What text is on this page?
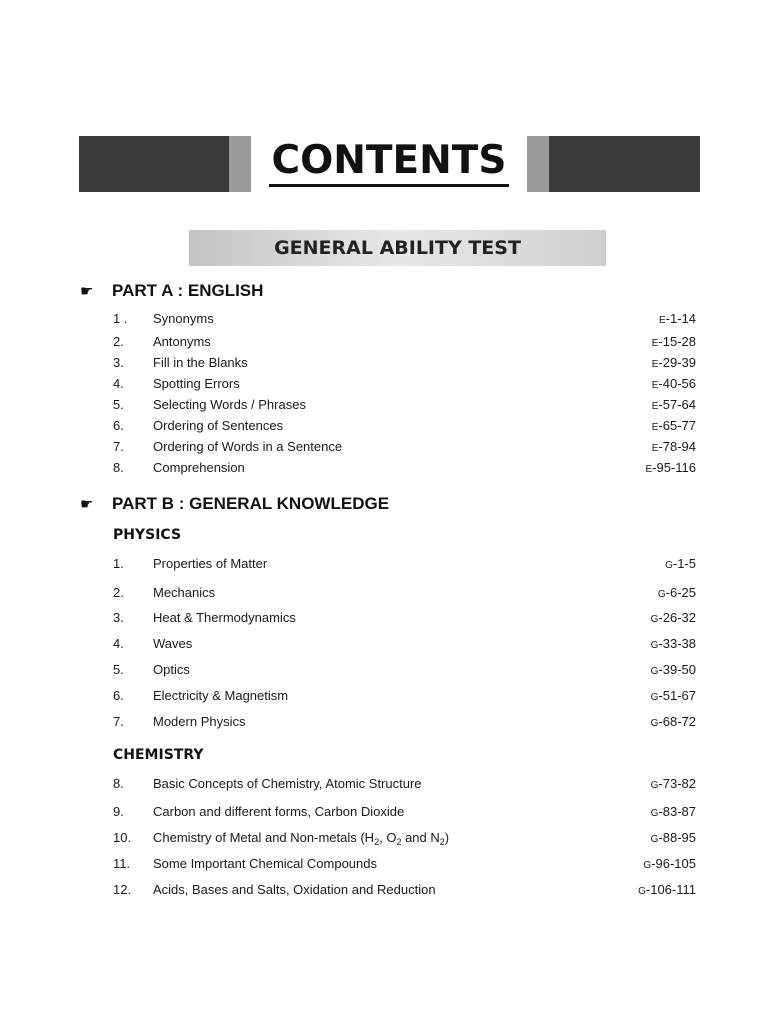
CONTENTS
GENERAL ABILITY TEST
☛ PART A : ENGLISH
1 . Synonyms	E-1-14
2. Antonyms	E-15-28
3. Fill in the Blanks	E-29-39
4. Spotting Errors	E-40-56
5. Selecting Words / Phrases	E-57-64
6. Ordering of Sentences	E-65-77
7. Ordering of Words in a Sentence	E-78-94
8. Comprehension	E-95-116
☛ PART B : GENERAL KNOWLEDGE
PHYSICS
1. Properties of Matter	G-1-5
2. Mechanics	G-6-25
3. Heat & Thermodynamics	G-26-32
4. Waves	G-33-38
5. Optics	G-39-50
6. Electricity & Magnetism	G-51-67
7. Modern Physics	G-68-72
CHEMISTRY
8. Basic Concepts of Chemistry, Atomic Structure	G-73-82
9. Carbon and different forms, Carbon Dioxide	G-83-87
10. Chemistry of Metal and Non-metals ($H_2$, $O_2$ and $N_2$)	G-88-95
11. Some Important Chemical Compounds	G-96-105
12. Acids, Bases and Salts, Oxidation and Reduction	G-106-111
